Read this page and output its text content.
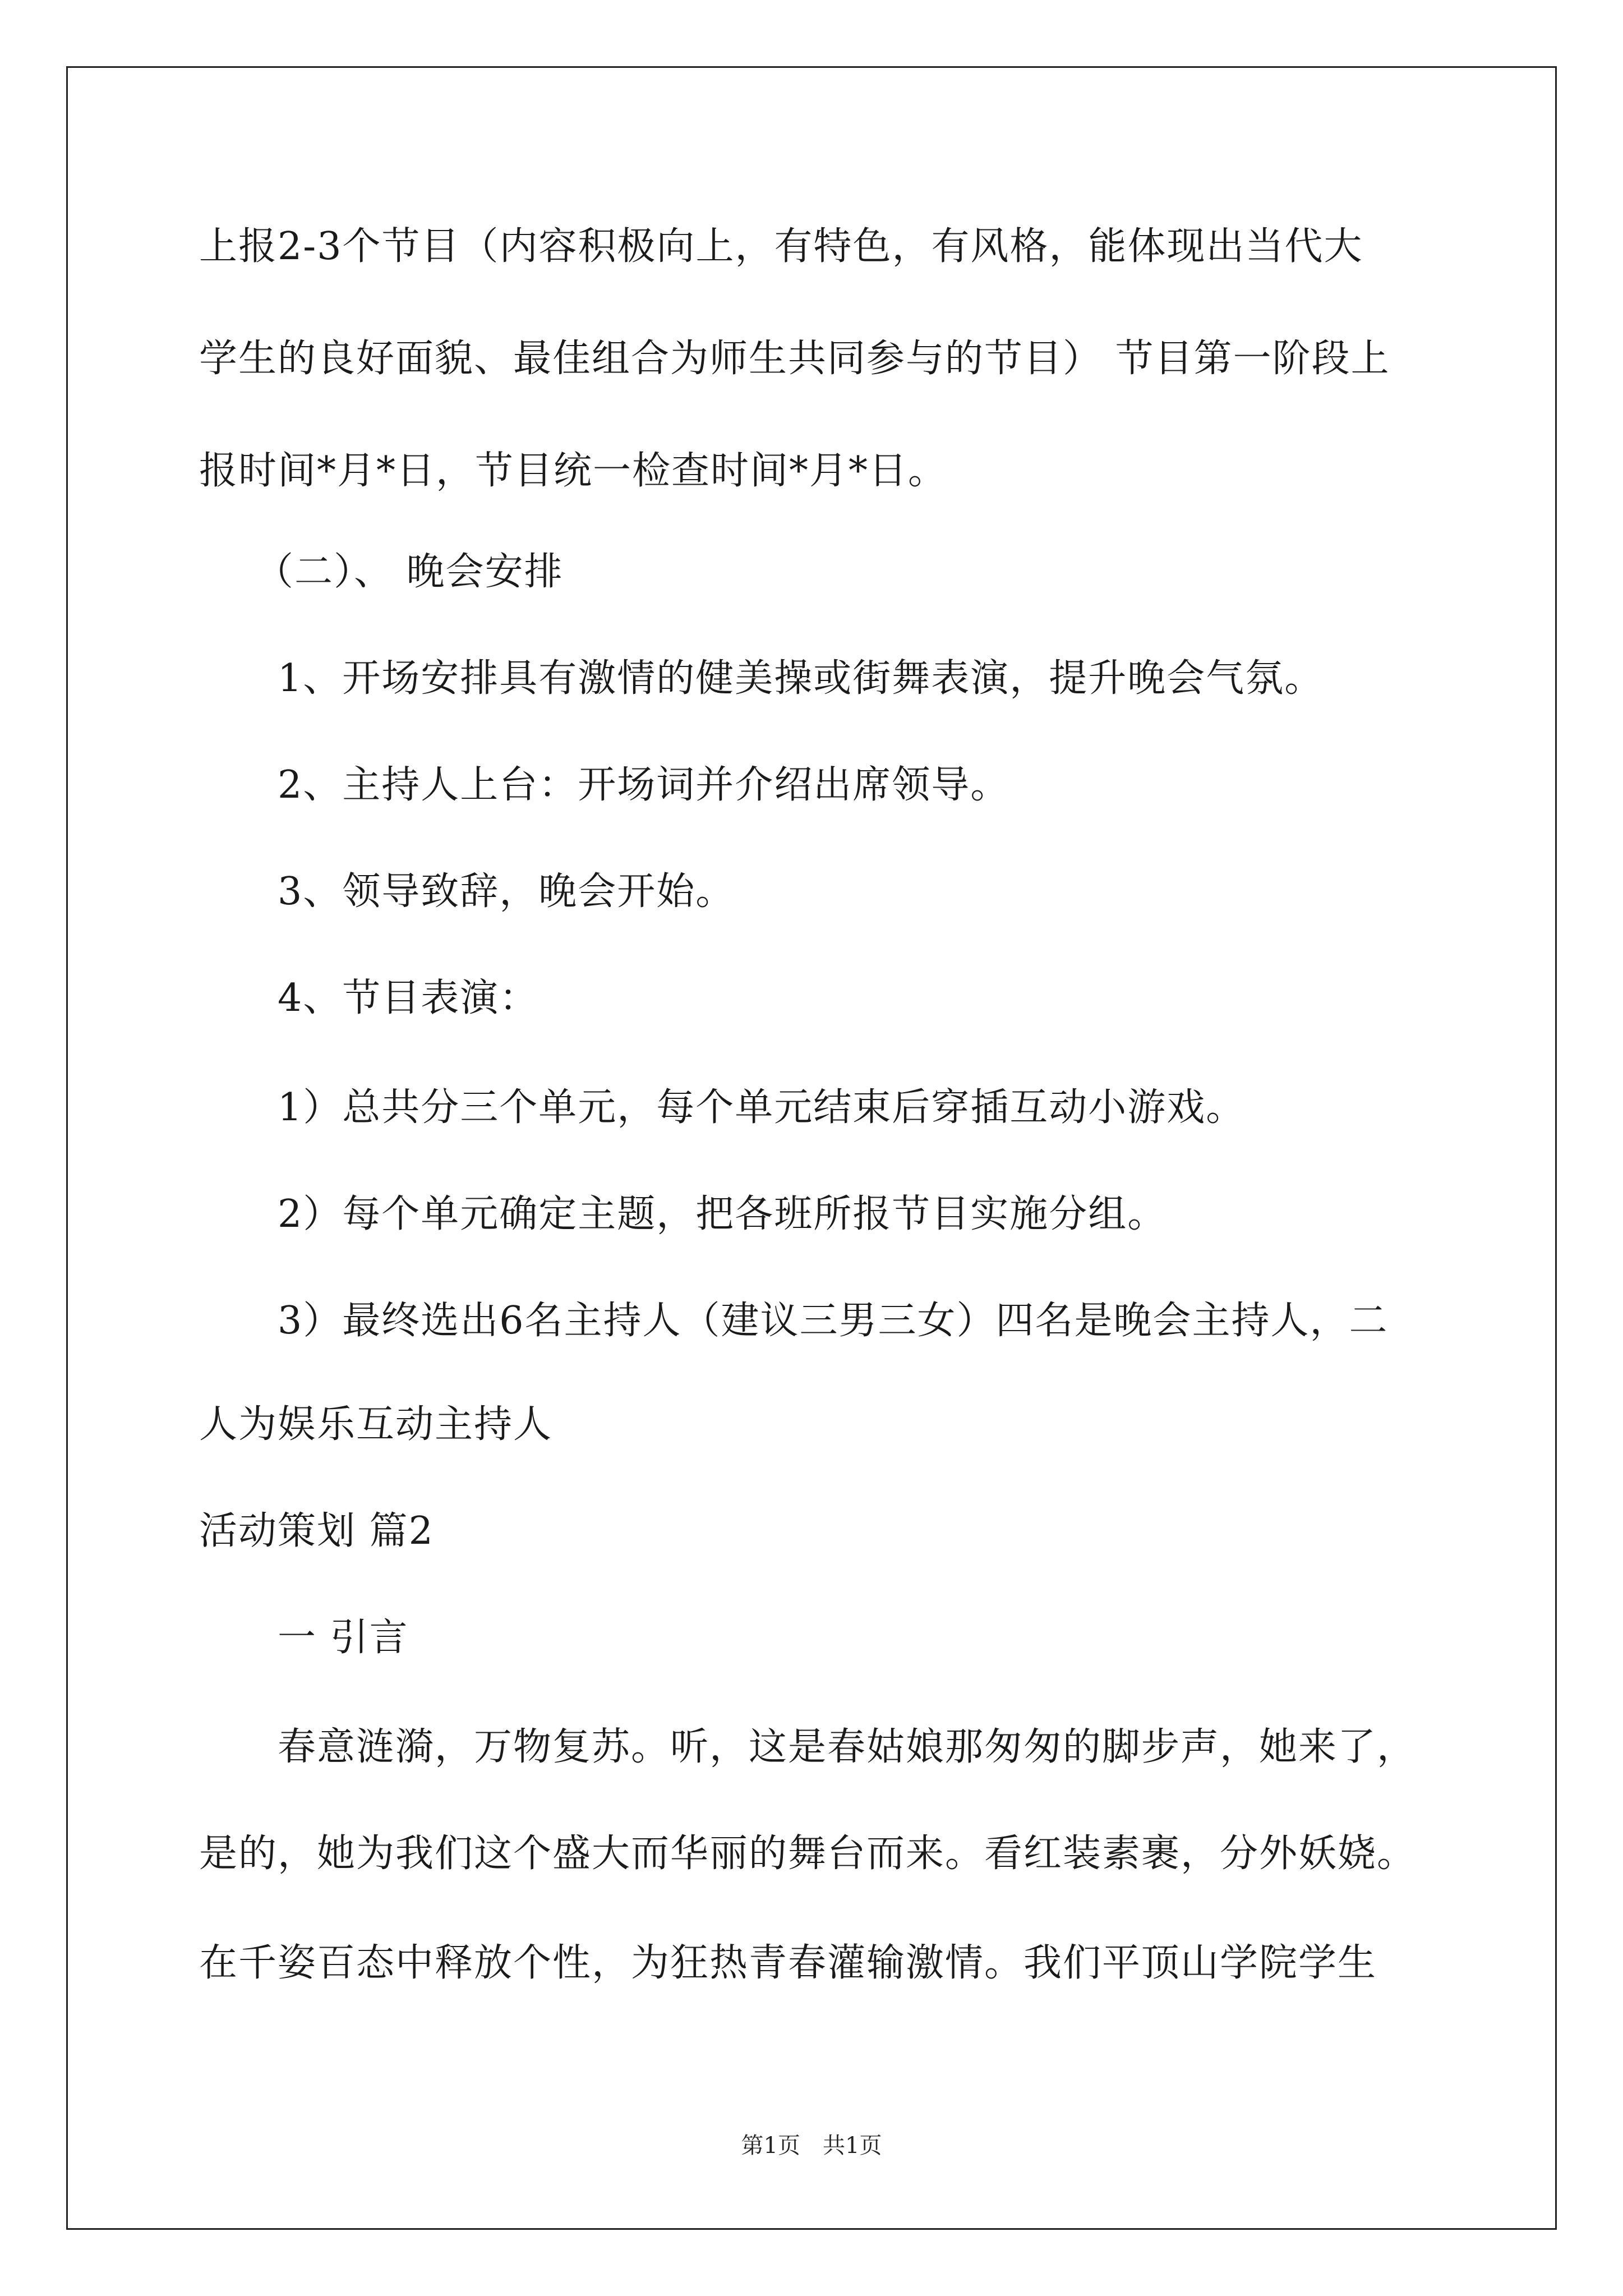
上报2-3个节目（内容积极向上，有特色，有风格，能体现出当代大
学生的良好面貌、最佳组合为师生共同参与的节目） 节目第一阶段上
报时间*月*日，节目统一检查时间*月*日。
（二）、 晚会安排
1、开场安排具有激情的健美操或街舞表演，提升晚会气氛。
2、主持人上台：开场词并介绍出席领导。
3、领导致辞，晚会开始。
4、节目表演：
1）总共分三个单元，每个单元结束后穿插互动小游戏。
2）每个单元确定主题，把各班所报节目实施分组。
3）最终选出6名主持人（建议三男三女）四名是晚会主持人，二
人为娱乐互动主持人
活动策划 篇2
一 引言
春意涟漪，万物复苏。听，这是春姑娘那匆匆的脚步声，她来了，
是的，她为我们这个盛大而华丽的舞台而来。看红装素裹，分外妖娆。
在千姿百态中释放个性，为狂热青春灌输激情。我们平顶山学院学生
第1页　共1页
